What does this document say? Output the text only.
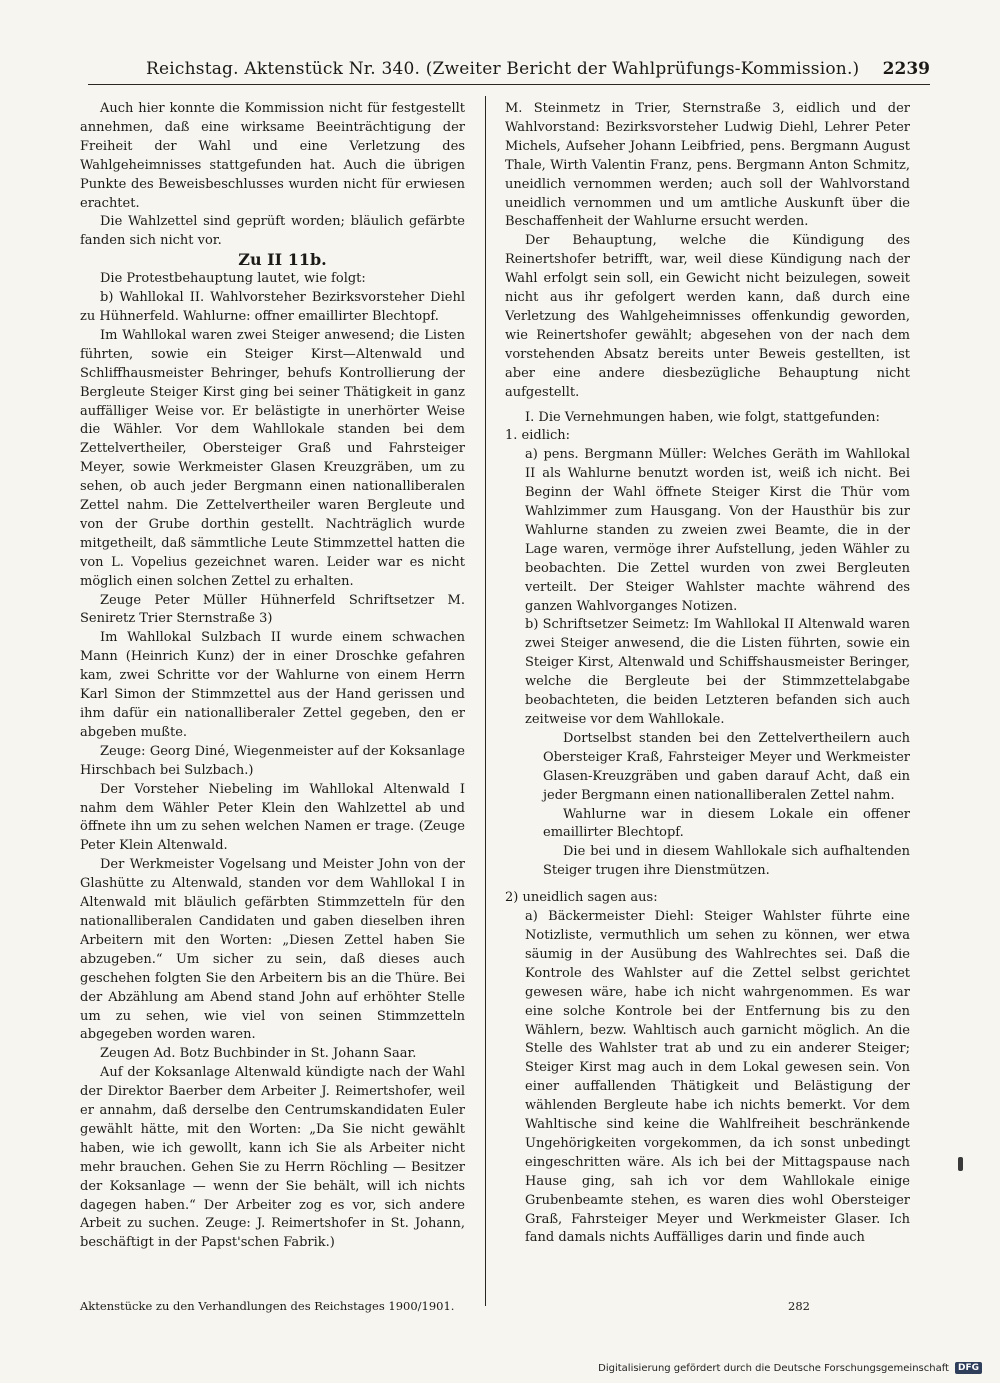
Reichstag. Aktenstück Nr. 340. (Zweiter Bericht der Wahlprüfungs-Kommission.) 2239

Auch hier konnte die Kommission nicht für festgestellt annehmen, daß eine wirksame Beeinträchtigung der Freiheit der Wahl und eine Verletzung des Wahlgeheimnisses stattgefunden hat. Auch die übrigen Punkte des Beweisbeschlusses wurden nicht für erwiesen erachtet.

Die Wahlzettel sind geprüft worden; bläulich gefärbte fanden sich nicht vor.

Zu II 11b.

Die Protestbehauptung lautet, wie folgt:

b) Wahllokal II. Wahlvorsteher Bezirksvorsteher Diehl zu Hühnerfeld. Wahlurne: offner emaillirter Blechtopf.

Im Wahllokal waren zwei Steiger anwesend; die Listen führten, sowie ein Steiger Kirst—Altenwald und Schliffhausmeister Behringer, behufs Kontrollierung der Bergleute Steiger Kirst ging bei seiner Thätigkeit in ganz auffälliger Weise vor. Er belästigte in unerhörter Weise die Wähler. Vor dem Wahllokale standen bei dem Zettelvertheiler, Obersteiger Graß und Fahrsteiger Meyer, sowie Werkmeister Glasen Kreuzgräben, um zu sehen, ob auch jeder Bergmann einen nationalliberalen Zettel nahm. Die Zettelvertheiler waren Bergleute und von der Grube dorthin gestellt. Nachträglich wurde mitgetheilt, daß sämmtliche Leute Stimmzettel hatten die von L. Vopelius gezeichnet waren. Leider war es nicht möglich einen solchen Zettel zu erhalten.

Zeuge Peter Müller Hühnerfeld Schriftsetzer M. Seniretz Trier Sternstraße 3)

Im Wahllokal Sulzbach II wurde einem schwachen Mann (Heinrich Kunz) der in einer Droschke gefahren kam, zwei Schritte vor der Wahlurne von einem Herrn Karl Simon der Stimmzettel aus der Hand gerissen und ihm dafür ein nationalliberaler Zettel gegeben, den er abgeben mußte.

Zeuge: Georg Diné, Wiegenmeister auf der Koksanlage Hirschbach bei Sulzbach.)

Der Vorsteher Niebeling im Wahllokal Altenwald I nahm dem Wähler Peter Klein den Wahlzettel ab und öffnete ihn um zu sehen welchen Namen er trage. (Zeuge Peter Klein Altenwald.

Der Werkmeister Vogelsang und Meister John von der Glashütte zu Altenwald, standen vor dem Wahllokal I in Altenwald mit bläulich gefärbten Stimmzetteln für den nationalliberalen Candidaten und gaben dieselben ihren Arbeitern mit den Worten: „Diesen Zettel haben Sie abzugeben.“ Um sicher zu sein, daß dieses auch geschehen folgten Sie den Arbeitern bis an die Thüre. Bei der Abzählung am Abend stand John auf erhöhter Stelle um zu sehen, wie viel von seinen Stimmzetteln abgegeben worden waren.

Zeugen Ad. Botz Buchbinder in St. Johann Saar.

Auf der Koksanlage Altenwald kündigte nach der Wahl der Direktor Baerber dem Arbeiter J. Reimertshofer, weil er annahm, daß derselbe den Centrumskandidaten Euler gewählt hätte, mit den Worten: „Da Sie nicht gewählt haben, wie ich gewollt, kann ich Sie als Arbeiter nicht mehr brauchen. Gehen Sie zu Herrn Röchling — Besitzer der Koksanlage — wenn der Sie behält, will ich nichts dagegen haben.“ Der Arbeiter zog es vor, sich andere Arbeit zu suchen. Zeuge: J. Reimertshofer in St. Johann, beschäftigt in der Papst'schen Fabrik.)

M. Steinmetz in Trier, Sternstraße 3, eidlich und der Wahlvorstand: Bezirksvorsteher Ludwig Diehl, Lehrer Peter Michels, Aufseher Johann Leibfried, pens. Bergmann August Thale, Wirth Valentin Franz, pens. Bergmann Anton Schmitz, uneidlich vernommen werden; auch soll der Wahlvorstand uneidlich vernommen und um amtliche Auskunft über die Beschaffenheit der Wahlurne ersucht werden.

Der Behauptung, welche die Kündigung des Reinertshofer betrifft, war, weil diese Kündigung nach der Wahl erfolgt sein soll, ein Gewicht nicht beizulegen, soweit nicht aus ihr gefolgert werden kann, daß durch eine Verletzung des Wahlgeheimnisses offenkundig geworden, wie Reinertshofer gewählt; abgesehen von der nach dem vorstehenden Absatz bereits unter Beweis gestellten, ist aber eine andere diesbezügliche Behauptung nicht aufgestellt.

I. Die Vernehmungen haben, wie folgt, stattgefunden:

1. eidlich:

a) pens. Bergmann Müller: Welches Geräth im Wahllokal II als Wahlurne benutzt worden ist, weiß ich nicht. Bei Beginn der Wahl öffnete Steiger Kirst die Thür vom Wahlzimmer zum Hausgang. Von der Hausthür bis zur Wahlurne standen zu zweien zwei Beamte, die in der Lage waren, vermöge ihrer Aufstellung, jeden Wähler zu beobachten. Die Zettel wurden von zwei Bergleuten verteilt. Der Steiger Wahlster machte während des ganzen Wahlvorganges Notizen.

b) Schriftsetzer Seimetz: Im Wahllokal II Altenwald waren zwei Steiger anwesend, die die Listen führten, sowie ein Steiger Kirst, Altenwald und Schiffshausmeister Beringer, welche die Bergleute bei der Stimmzettelabgabe beobachteten, die beiden Letzteren befanden sich auch zeitweise vor dem Wahllokale.

Dortselbst standen bei den Zettelvertheilern auch Obersteiger Kraß, Fahrsteiger Meyer und Werkmeister Glasen-Kreuzgräben und gaben darauf Acht, daß ein jeder Bergmann einen nationalliberalen Zettel nahm.

Wahlurne war in diesem Lokale ein offener emaillirter Blechtopf.

Die bei und in diesem Wahllokale sich aufhaltenden Steiger trugen ihre Dienstmützen.

2) uneidlich sagen aus:

a) Bäckermeister Diehl: Steiger Wahlster führte eine Notizliste, vermuthlich um sehen zu können, wer etwa säumig in der Ausübung des Wahlrechtes sei. Daß die Kontrole des Wahlster auf die Zettel selbst gerichtet gewesen wäre, habe ich nicht wahrgenommen. Es war eine solche Kontrole bei der Entfernung bis zu den Wählern, bezw. Wahltisch auch garnicht möglich. An die Stelle des Wahlster trat ab und zu ein anderer Steiger; Steiger Kirst mag auch in dem Lokal gewesen sein. Von einer auffallenden Thätigkeit und Belästigung der wählenden Bergleute habe ich nichts bemerkt. Vor dem Wahltische sind keine die Wahlfreiheit beschränkende Ungehörigkeiten vorgekommen, da ich sonst unbedingt eingeschritten wäre. Als ich bei der Mittagspause nach Hause ging, sah ich vor dem Wahllokale einige Grubenbeamte stehen, es waren dies wohl Obersteiger Graß, Fahrsteiger Meyer und Werkmeister Glaser. Ich fand damals nichts Auffälliges darin und finde auch

Aktenstücke zu den Verhandlungen des Reichstages 1900/1901.	282
Digitalisierung gefördert durch die Deutsche Forschungsgemeinschaft	DFG
